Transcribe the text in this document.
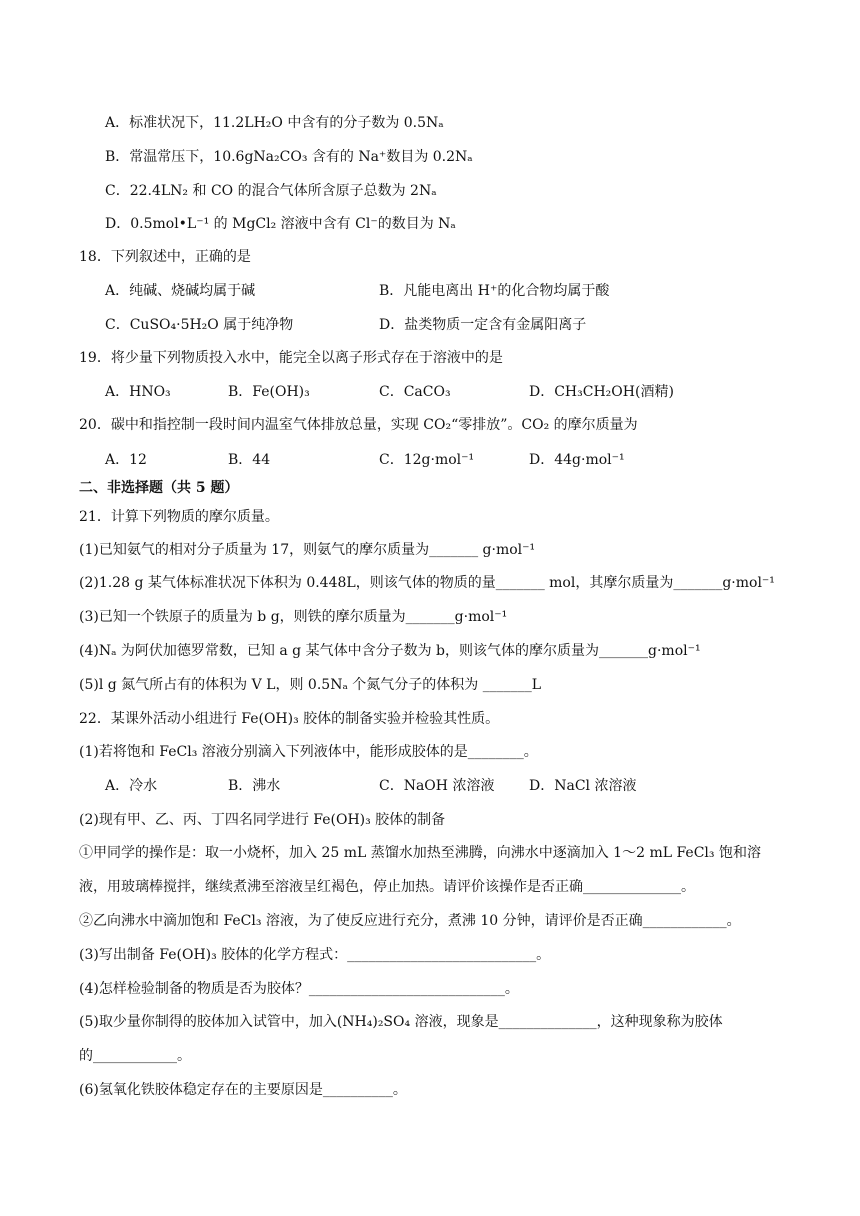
A．标准状况下，11.2LH₂O 中含有的分子数为 0.5Nₐ
B．常温常压下，10.6gNa₂CO₃ 含有的 Na⁺数目为 0.2Nₐ
C．22.4LN₂ 和 CO 的混合气体所含原子总数为 2Nₐ
D．0.5mol•L⁻¹ 的 MgCl₂ 溶液中含有 Cl⁻的数目为 Nₐ
18．下列叙述中，正确的是
A．纯碱、烧碱均属于碱	B．凡能电离出 H⁺的化合物均属于酸
C．CuSO₄·5H₂O 属于纯净物	D．盐类物质一定含有金属阳离子
19．将少量下列物质投入水中，能完全以离子形式存在于溶液中的是
A．HNO₃	B．Fe(OH)₃	C．CaCO₃	D．CH₃CH₂OH(酒精)
20．碳中和指控制一段时间内温室气体排放总量，实现 CO₂“零排放”。CO₂ 的摩尔质量为
A．12	B．44	C．12g·mol⁻¹	D．44g·mol⁻¹
二、非选择题（共 5 题）
21．计算下列物质的摩尔质量。
(1)已知氨气的相对分子质量为 17，则氨气的摩尔质量为_______ g·mol⁻¹
(2)1.28 g 某气体标准状况下体积为 0.448L，则该气体的物质的量_______ mol，其摩尔质量为_______g·mol⁻¹
(3)已知一个铁原子的质量为 b g，则铁的摩尔质量为_______g·mol⁻¹
(4)Nₐ 为阿伏加德罗常数，已知 a g 某气体中含分子数为 b，则该气体的摩尔质量为_______g·mol⁻¹
(5)l g 氮气所占有的体积为 V L，则 0.5Nₐ 个氮气分子的体积为 _______L
22．某课外活动小组进行 Fe(OH)₃ 胶体的制备实验并检验其性质。
(1)若将饱和 FeCl₃ 溶液分别滴入下列液体中，能形成胶体的是________。
A．冷水	B．沸水	C．NaOH 浓溶液 D．NaCl 浓溶液
(2)现有甲、乙、丙、丁四名同学进行 Fe(OH)₃ 胶体的制备
①甲同学的操作是：取一小烧杯，加入 25 mL 蒸馏水加热至沸腾，向沸水中逐滴加入 1～2 mL FeCl₃ 饱和溶
液，用玻璃棒搅拌，继续煮沸至溶液呈红褐色，停止加热。请评价该操作是否正确______________。
②乙向沸水中滴加饱和 FeCl₃ 溶液，为了使反应进行充分，煮沸 10 分钟，请评价是否正确____________。
(3)写出制备 Fe(OH)₃ 胶体的化学方程式：___________________________。
(4)怎样检验制备的物质是否为胶体？____________________________。
(5)取少量你制得的胶体加入试管中，加入(NH₄)₂SO₄ 溶液，现象是______________，这种现象称为胶体
的____________。
(6)氢氧化铁胶体稳定存在的主要原因是__________。
